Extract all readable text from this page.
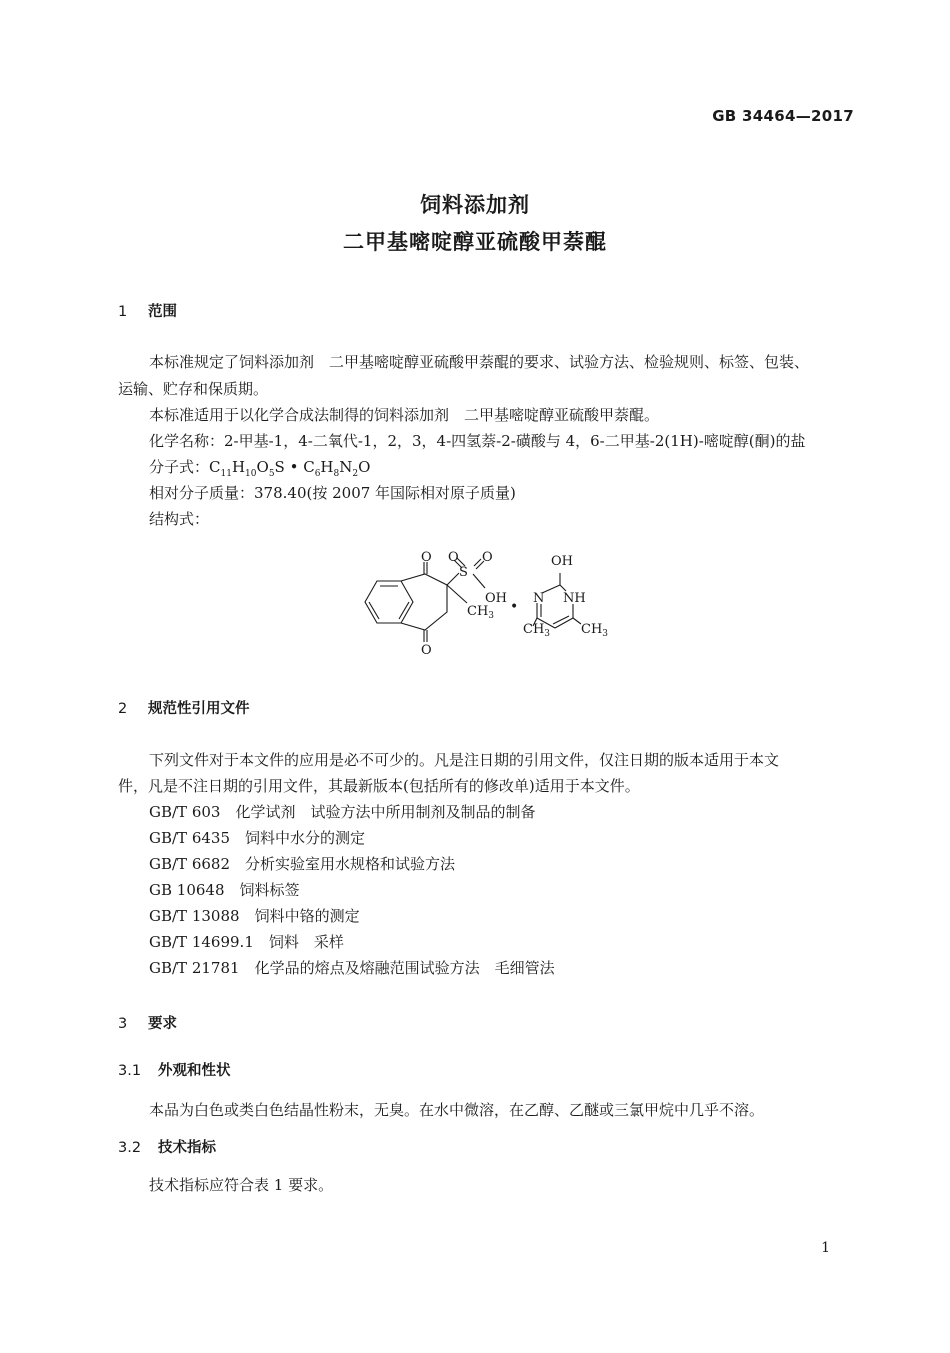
GB 34464—2017
饲料添加剂
二甲基嘧啶醇亚硫酸甲萘醌
1 范围
本标准规定了饲料添加剂　二甲基嘧啶醇亚硫酸甲萘醌的要求、试验方法、检验规则、标签、包装、
运输、贮存和保质期。
本标准适用于以化学合成法制得的饲料添加剂　二甲基嘧啶醇亚硫酸甲萘醌。
化学名称：2-甲基-1，4-二氧代-1，2，3，4-四氢萘-2-磺酸与 4，6-二甲基-2(1H)-嘧啶醇(酮)的盐
分子式：$C_{11}H_{10}O_5S$ • $C_6H_8N_2O$
相对分子质量：378.40(按 2007 年国际相对原子质量)
结构式：
O
O
S
O O
OH
$CH_3$
•
OH
N NH
$CH_3$ $CH_3$
2 规范性引用文件
下列文件对于本文件的应用是必不可少的。凡是注日期的引用文件，仅注日期的版本适用于本文
件，凡是不注日期的引用文件，其最新版本(包括所有的修改单)适用于本文件。
GB/T 603　 化学试剂　试验方法中所用制剂及制品的制备
GB/T 6435　 饲料中水分的测定
GB/T 6682　 分析实验室用水规格和试验方法
GB 10648　 饲料标签
GB/T 13088　 饲料中铬的测定
GB/T 14699.1　 饲料　采样
GB/T 21781　 化学品的熔点及熔融范围试验方法　毛细管法
3 要求
3.1 外观和性状
本品为白色或类白色结晶性粉末，无臭。在水中微溶，在乙醇、乙醚或三氯甲烷中几乎不溶。
3.2 技术指标
技术指标应符合表 1 要求。
1
